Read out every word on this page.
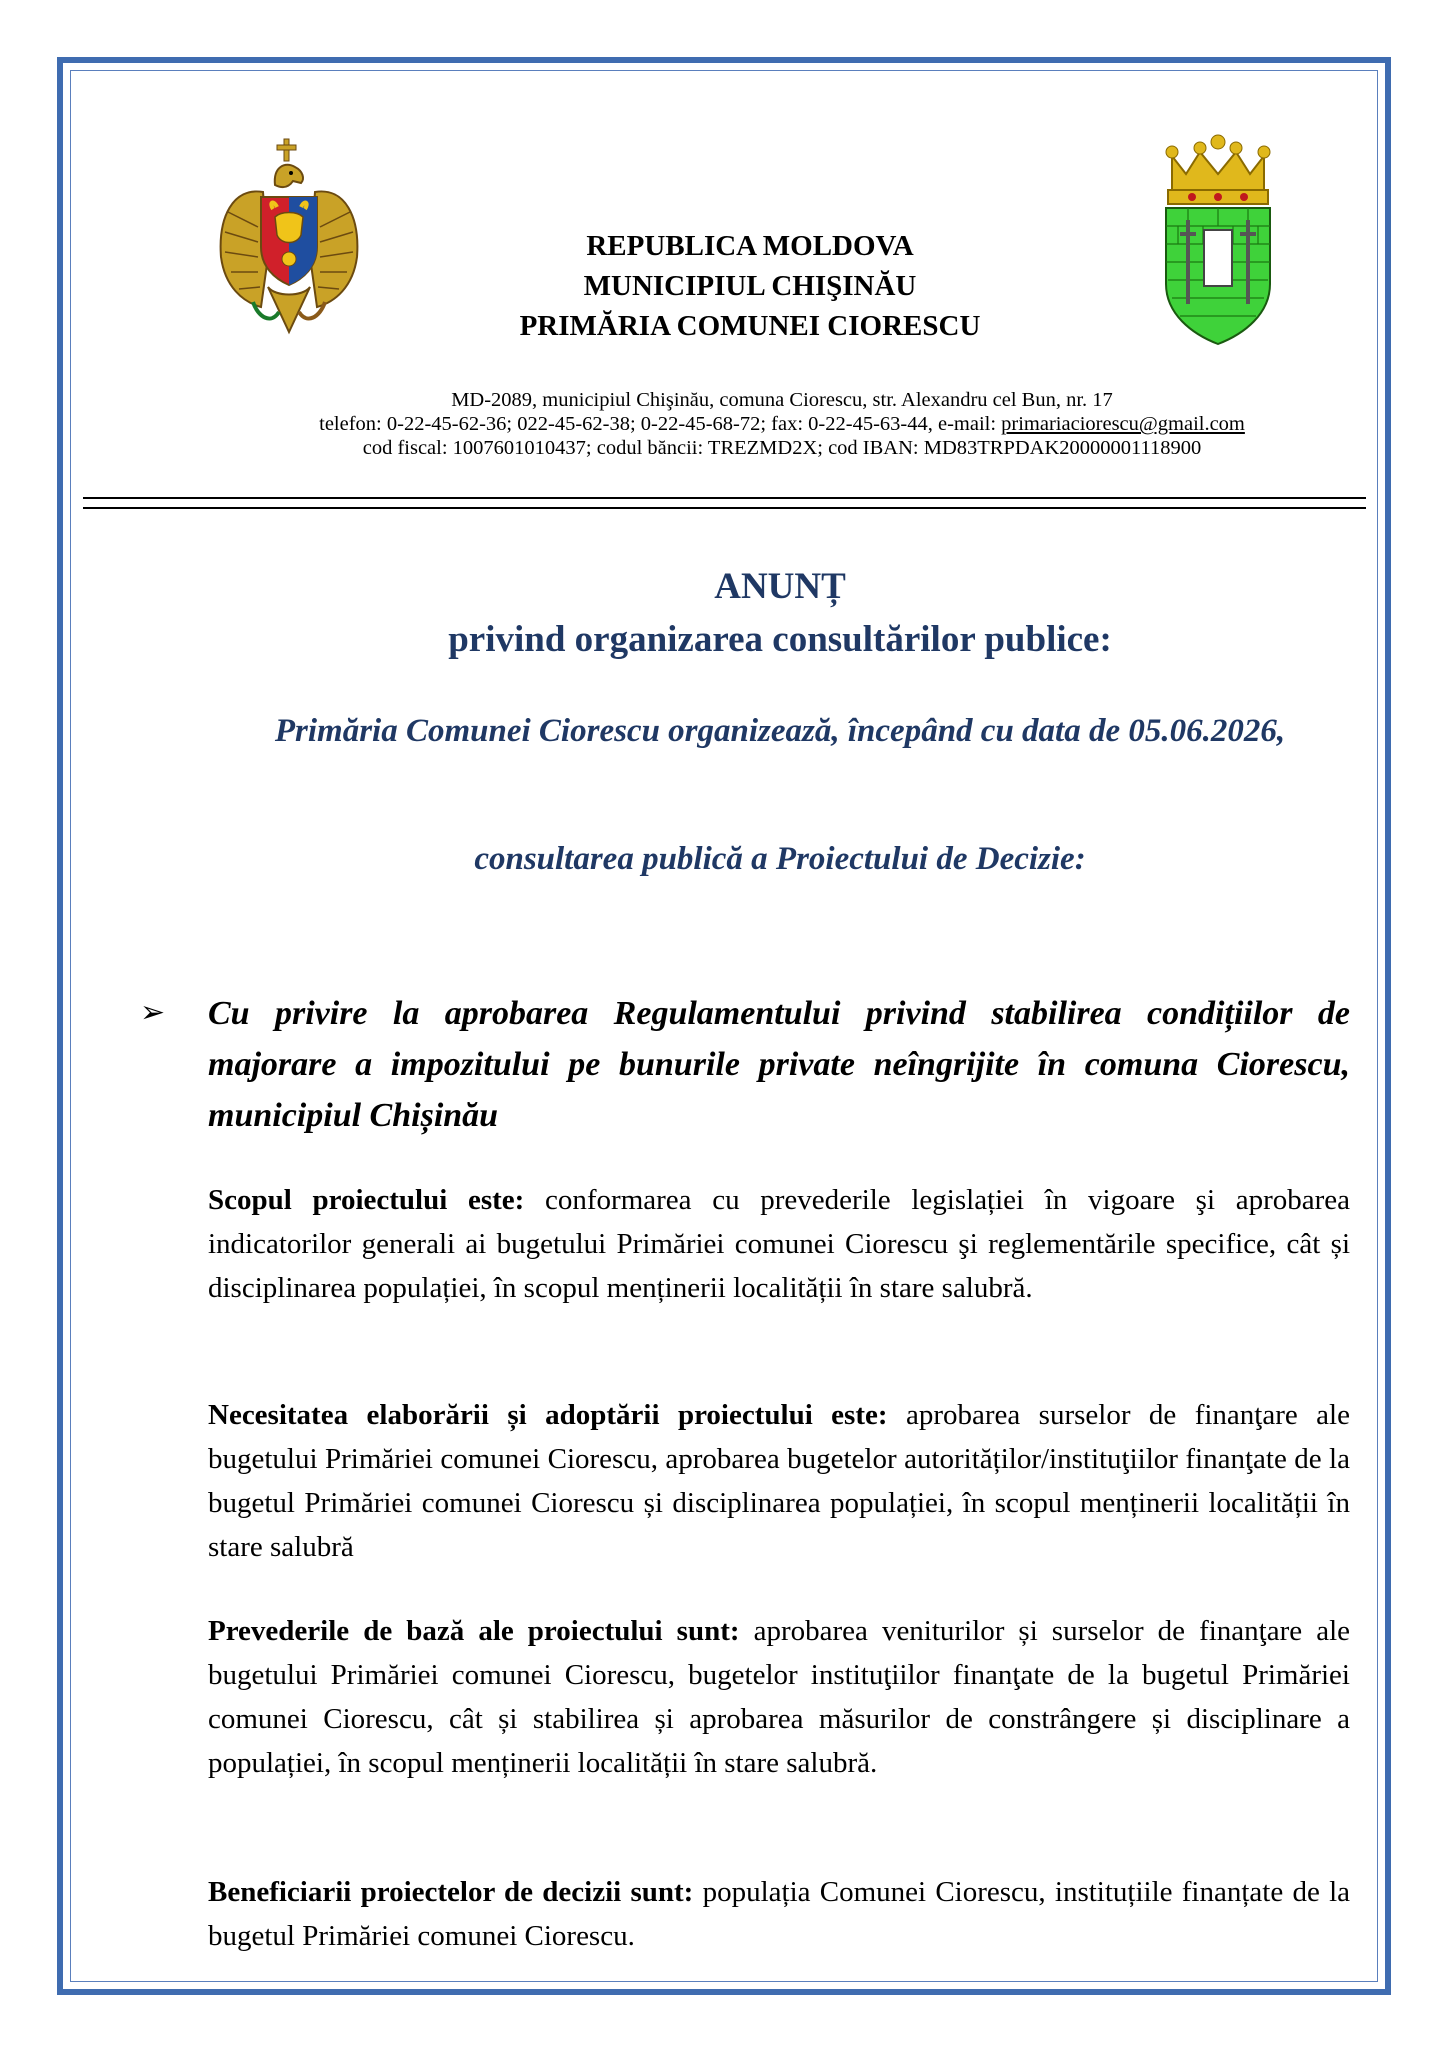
REPUBLICA MOLDOVA
MUNICIPIUL CHIŞINĂU
PRIMĂRIA COMUNEI CIORESCU
MD-2089, municipiul Chişinău, comuna Ciorescu, str. Alexandru cel Bun, nr. 17
telefon: 0-22-45-62-36; 022-45-62-38; 0-22-45-68-72; fax: 0-22-45-63-44, e-mail: primariaciorescu@gmail.com
cod fiscal: 1007601010437; codul băncii: TREZMD2X; cod IBAN: MD83TRPDAK20000001118900
ANUNȚ
privind organizarea consultărilor publice:
Primăria Comunei Ciorescu organizează, începând cu data de 05.06.2026,
consultarea publică a Proiectului de Decizie:
➢ Cu privire la aprobarea Regulamentului privind stabilirea condițiilor de majorare a impozitului pe bunurile private neîngrijite în comuna Ciorescu, municipiul Chișinău
Scopul proiectului este: conformarea cu prevederile legislației în vigoare şi aprobarea indicatorilor generali ai bugetului Primăriei comunei Ciorescu şi reglementările specifice, cât și disciplinarea populației, în scopul menținerii localității în stare salubră.
Necesitatea elaborării și adoptării proiectului este: aprobarea surselor de finanţare ale bugetului Primăriei comunei Ciorescu, aprobarea bugetelor autorităților/instituţiilor finanţate de la bugetul Primăriei comunei Ciorescu și disciplinarea populației, în scopul menținerii localității în stare salubră
Prevederile de bază ale proiectului sunt: aprobarea veniturilor și surselor de finanţare ale bugetului Primăriei comunei Ciorescu, bugetelor instituţiilor finanţate de la bugetul Primăriei comunei Ciorescu, cât și stabilirea și aprobarea măsurilor de constrângere și disciplinare a populației, în scopul menținerii localității în stare salubră.
Beneficiarii proiectelor de decizii sunt: populația Comunei Ciorescu, instituțiile finanțate de la bugetul Primăriei comunei Ciorescu.
